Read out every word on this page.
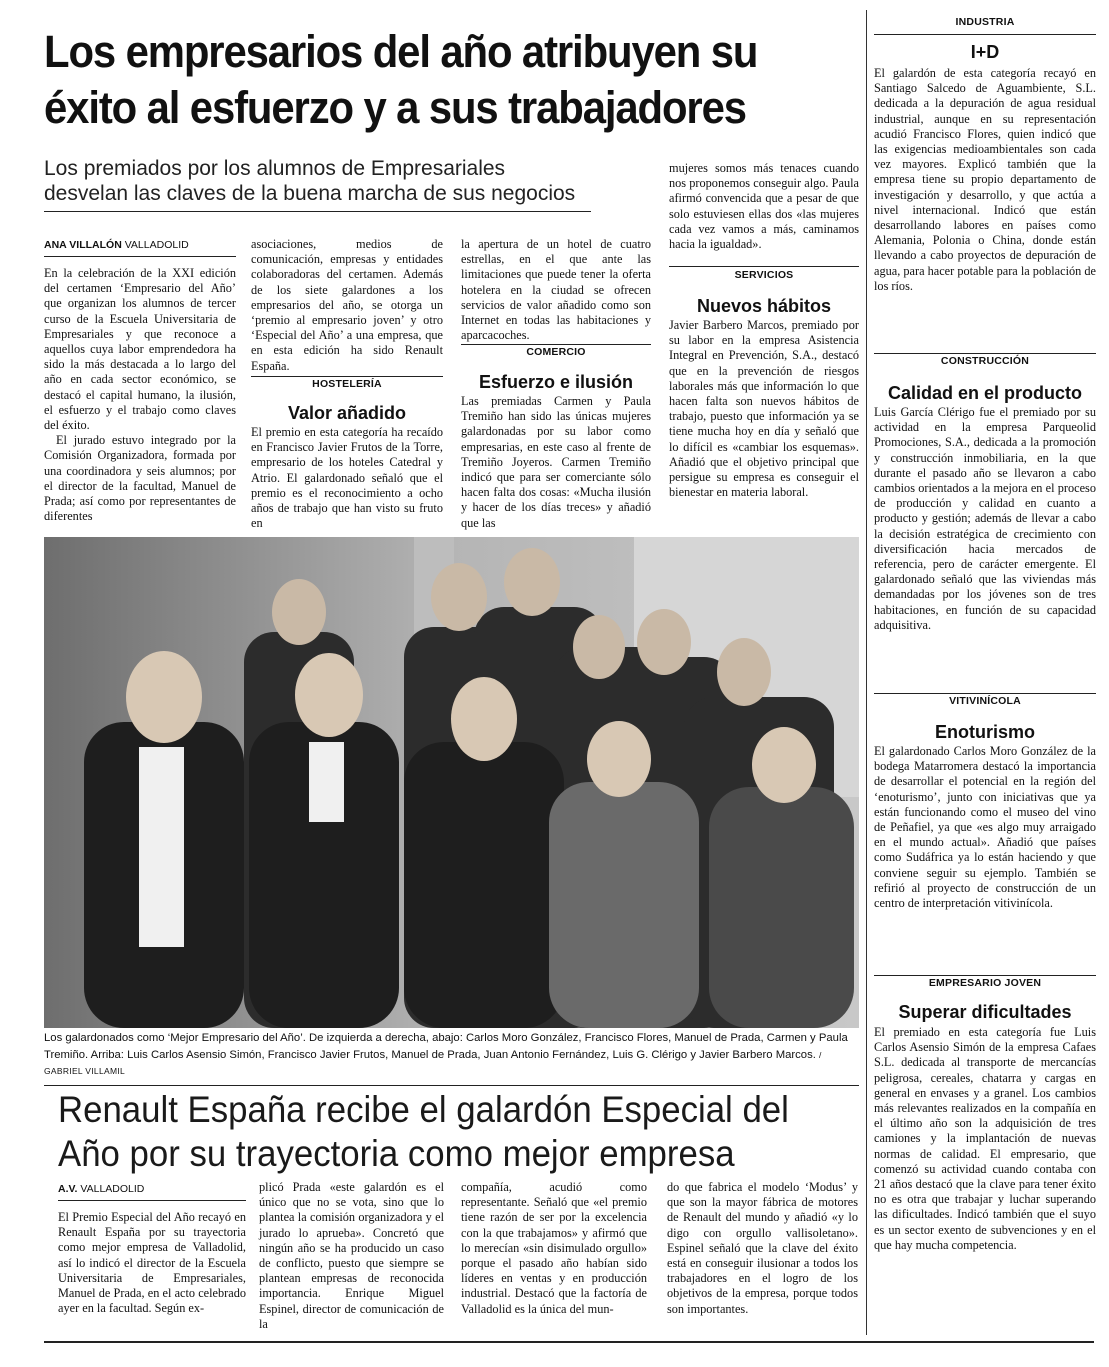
Los empresarios del año atribuyen su
éxito al esfuerzo y a sus trabajadores
Los premiados por los alumnos de Empresariales
desvelan las claves de la buena marcha de sus negocios
ANA VILLALÓN VALLADOLID

En la celebración de la XXI edición del certamen ‘Empresario del Año’ que organizan los alumnos de tercer curso de la Escuela Universitaria de Empresariales y que reconoce a aquellos cuya labor emprendedora ha sido la más destacada a lo largo del año en cada sector económico, se destacó el capital humano, la ilusión, el esfuerzo y el trabajo como claves del éxito.

El jurado estuvo integrado por la Comisión Organizadora, formada por una coordinadora y seis alumnos; por el director de la facultad, Manuel de Prada; así como por representantes de diferentes

asociaciones, medios de comunicación, empresas y entidades colaboradoras del certamen. Además de los siete galardones a los empresarios del año, se otorga un ‘premio al empresario joven’ y otro ‘Especial del Año’ a una empresa, que en esta edición ha sido Renault España.

HOSTELERÍA
Valor añadido

El premio en esta categoría ha recaído en Francisco Javier Frutos de la Torre, empresario de los hoteles Catedral y Atrio. El galardonado señaló que el premio es el reconocimiento a ocho años de trabajo que han visto su fruto en

la apertura de un hotel de cuatro estrellas, en el que ante las limitaciones que puede tener la oferta hotelera en la ciudad se ofrecen servicios de valor añadido como son Internet en todas las habitaciones y aparcacoches.

COMERCIO
Esfuerzo e ilusión

Las premiadas Carmen y Paula Tremiño han sido las únicas mujeres galardonadas por su labor como empresarias, en este caso al frente de Tremiño Joyeros. Carmen Tremiño indicó que para ser comerciante sólo hacen falta dos cosas: «Mucha ilusión y hacer de los días treces» y añadió que las

mujeres somos más tenaces cuando nos proponemos conseguir algo. Paula afirmó convencida que a pesar de que solo estuviesen ellas dos «las mujeres cada vez vamos a más, caminamos hacia la igualdad».

SERVICIOS
Nuevos hábitos

Javier Barbero Marcos, premiado por su labor en la empresa Asistencia Integral en Prevención, S.A., destacó que en la prevención de riesgos laborales más que información lo que hacen falta son nuevos hábitos de trabajo, puesto que información ya se tiene mucha hoy en día y señaló que lo difícil es «cambiar los esquemas». Añadió que el objetivo principal que persigue su empresa es conseguir el bienestar en materia laboral.

Los galardonados como ‘Mejor Empresario del Año’. De izquierda a derecha, abajo: Carlos Moro González, Francisco Flores, Manuel de Prada, Carmen y Paula Tremiño. Arriba: Luis Carlos Asensio Simón, Francisco Javier Frutos, Manuel de Prada, Juan Antonio Fernández, Luis G. Clérigo y Javier Barbero Marcos. / GABRIEL VILLAMIL
Renault España recibe el galardón Especial del
Año por su trayectoria como mejor empresa
A.V. VALLADOLID

El Premio Especial del Año recayó en Renault España por su trayectoria como mejor empresa de Valladolid, así lo indicó el director de la Escuela Universitaria de Empresariales, Manuel de Prada, en el acto celebrado ayer en la facultad. Según ex-

plicó Prada «este galardón es el único que no se vota, sino que lo plantea la comisión organizadora y el jurado lo aprueba». Concretó que ningún año se ha producido un caso de conflicto, puesto que siempre se plantean empresas de reconocida importancia. Enrique Miguel Espinel, director de comunicación de la

compañía, acudió como representante. Señaló que «el premio tiene razón de ser por la excelencia con la que trabajamos» y afirmó que lo merecían «sin disimulado orgullo» porque el pasado año habían sido líderes en ventas y en producción industrial. Destacó que la factoría de Valladolid es la única del mun-

do que fabrica el modelo ‘Modus’ y que son la mayor fábrica de motores de Renault del mundo y añadió «y lo digo con orgullo vallisoletano». Espinel señaló que la clave del éxito está en conseguir ilusionar a todos los trabajadores en el logro de los objetivos de la empresa, porque todos son importantes.

INDUSTRIA
I+D

El galardón de esta categoría recayó en Santiago Salcedo de Aguambiente, S.L. dedicada a la depuración de agua residual industrial, aunque en su representación acudió Francisco Flores, quien indicó que las exigencias medioambientales son cada vez mayores. Explicó también que la empresa tiene su propio departamento de investigación y desarrollo, y que actúa a nivel internacional. Indicó que están desarrollando labores en países como Alemania, Polonia o China, donde están llevando a cabo proyectos de depuración de agua, para hacer potable para la población de los ríos.

CONSTRUCCIÓN
Calidad en el producto

Luis García Clérigo fue el premiado por su actividad en la empresa Parqueolid Promociones, S.A., dedicada a la promoción y construcción inmobiliaria, en la que durante el pasado año se llevaron a cabo cambios orientados a la mejora en el proceso de producción y calidad en cuanto a producto y gestión; además de llevar a cabo la decisión estratégica de crecimiento con diversificación hacia mercados de referencia, pero de carácter emergente. El galardonado señaló que las viviendas más demandadas por los jóvenes son de tres habitaciones, en función de su capacidad adquisitiva.

VITIVINÍCOLA
Enoturismo

El galardonado Carlos Moro González de la bodega Matarromera destacó la importancia de desarrollar el potencial en la región del ‘enoturismo’, junto con iniciativas que ya están funcionando como el museo del vino de Peñafiel, ya que «es algo muy arraigado en el mundo actual». Añadió que países como Sudáfrica ya lo están haciendo y que conviene seguir su ejemplo. También se refirió al proyecto de construcción de un centro de interpretación vitivinícola.

EMPRESARIO JOVEN
Superar dificultades

El premiado en esta categoría fue Luis Carlos Asensio Simón de la empresa Cafaes S.L. dedicada al transporte de mercancías peligrosa, cereales, chatarra y cargas en general en envases y a granel. Los cambios más relevantes realizados en la compañía en el último año son la adquisición de tres camiones y la implantación de nuevas normas de calidad. El empresario, que comenzó su actividad cuando contaba con 21 años destacó que la clave para tener éxito no es otra que trabajar y luchar superando las dificultades. Indicó también que el suyo es un sector exento de subvenciones y en el que hay mucha competencia.
